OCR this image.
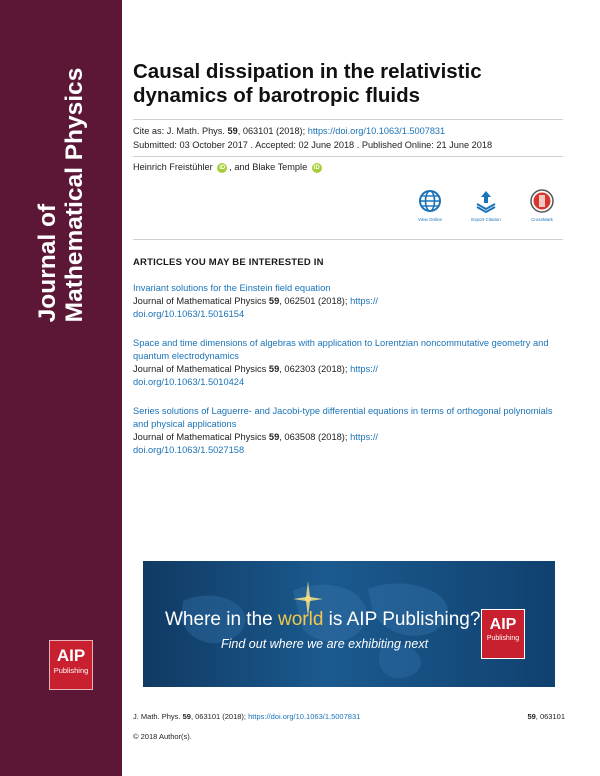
Journal of Mathematical Physics
AIP
Publishing
Causal dissipation in the relativistic dynamics of barotropic fluids
Cite as: J. Math. Phys. 59, 063101 (2018); https://doi.org/10.1063/1.5007831
Submitted: 03 October 2017 . Accepted: 02 June 2018 . Published Online: 21 June 2018
Heinrich Freistühler iD , and Blake Temple iD
View Online	Export Citation	CrossMark
ARTICLES YOU MAY BE INTERESTED IN
Invariant solutions for the Einstein field equation
Journal of Mathematical Physics 59, 062501 (2018); https://
doi.org/10.1063/1.5016154
Space and time dimensions of algebras with application to Lorentzian noncommutative geometry and quantum electrodynamics
Journal of Mathematical Physics 59, 062303 (2018); https://
doi.org/10.1063/1.5010424
Series solutions of Laguerre- and Jacobi-type differential equations in terms of orthogonal polynomials and physical applications
Journal of Mathematical Physics 59, 063508 (2018); https://
doi.org/10.1063/1.5027158
Where in the world is AIP Publishing?
Find out where we are exhibiting next
AIP
Publishing
J. Math. Phys. 59, 063101 (2018); https://doi.org/10.1063/1.5007831	59, 063101
© 2018 Author(s).
